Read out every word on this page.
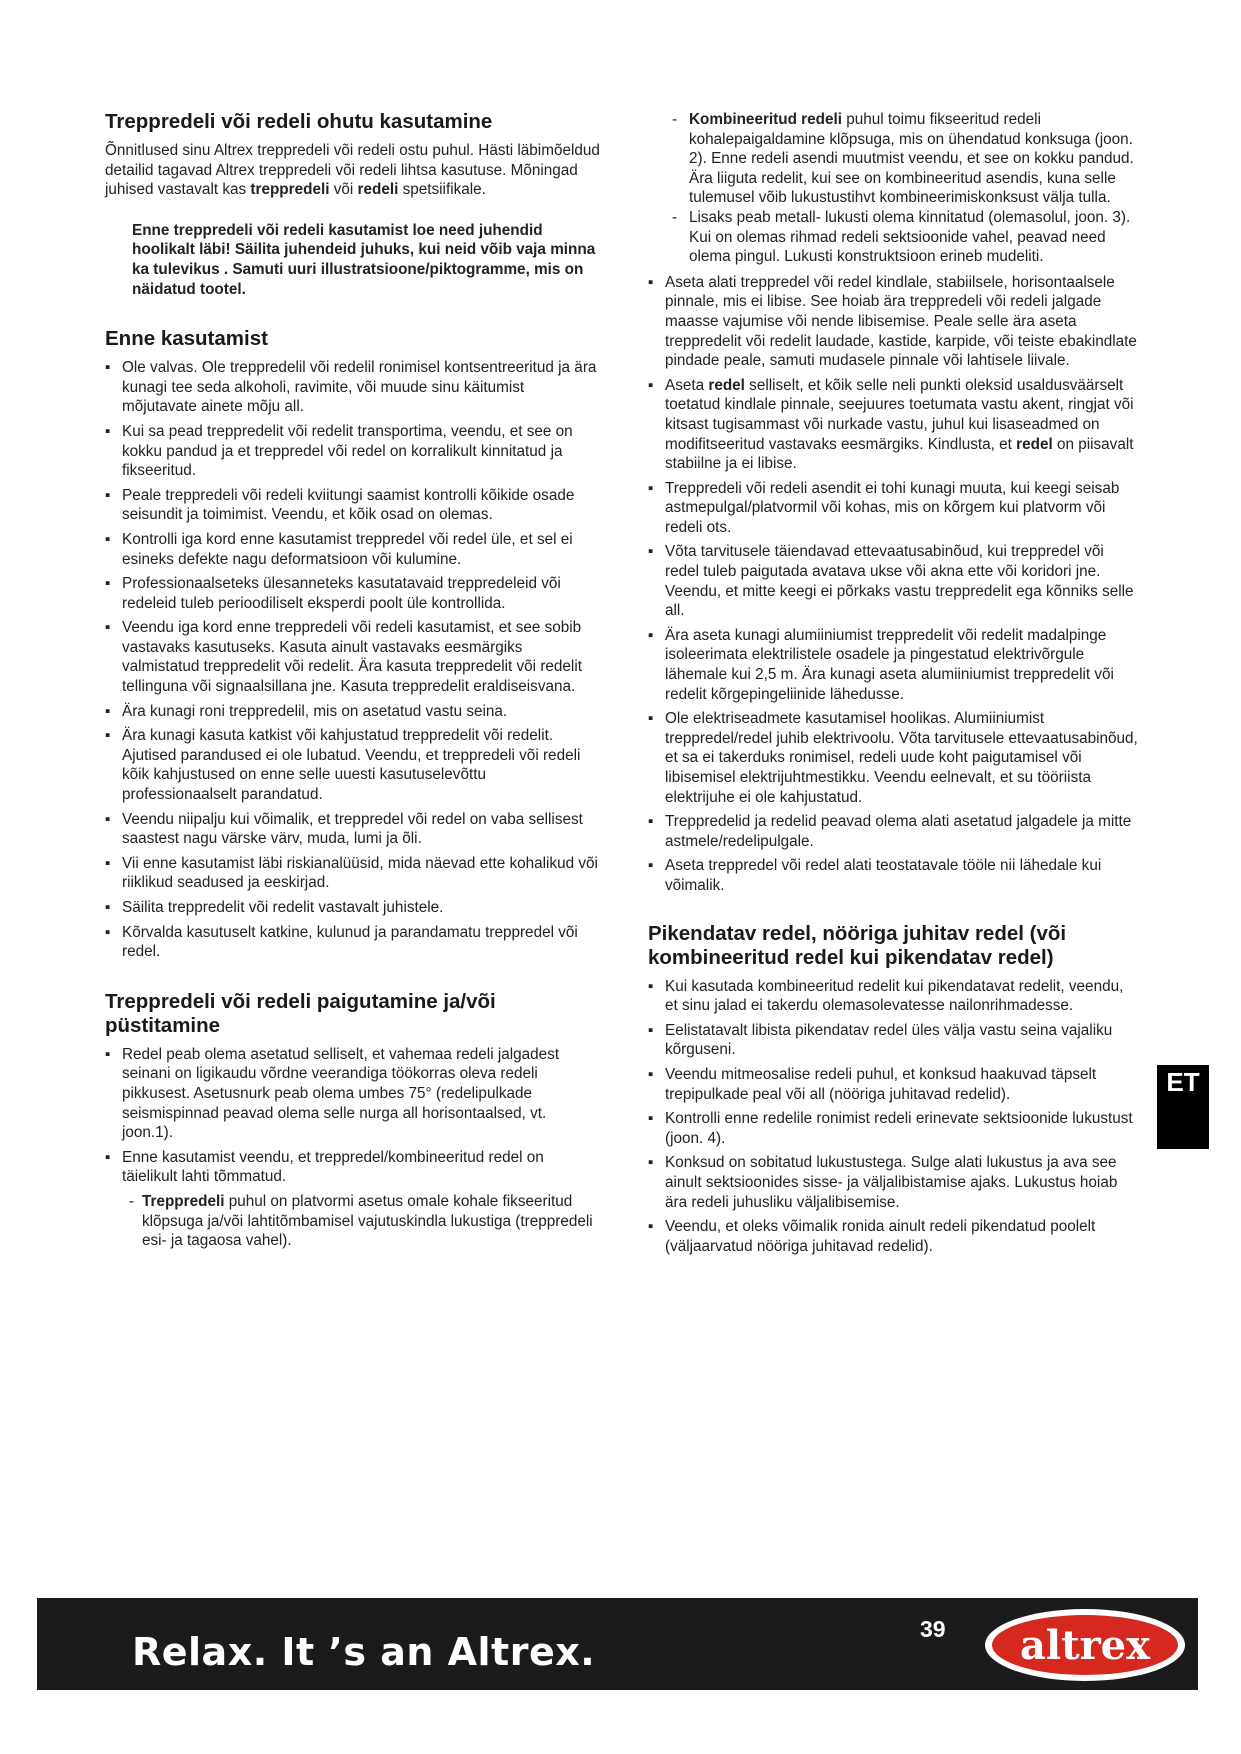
Treppredeli või redeli ohutu kasutamine

Õnnitlused sinu Altrex treppredeli või redeli ostu puhul. Hästi läbimõeldud detailid tagavad Altrex treppredeli või redeli lihtsa kasutuse. Mõningad juhised vastavalt kas treppredeli või redeli spetsiifikale.

Enne treppredeli või redeli kasutamist loe need juhendid hoolikalt läbi! Säilita juhendeid juhuks, kui neid võib vaja minna ka tulevikus . Samuti uuri illustratsioone/piktogramme, mis on näidatud tootel.

Enne kasutamist
▪ Ole valvas. Ole treppredelil või redelil ronimisel kontsentreeritud ja ära kunagi tee seda alkoholi, ravimite, või muude sinu käitumist mõjutavate ainete mõju all.
▪ Kui sa pead treppredelit või redelit transportima, veendu, et see on kokku pandud ja et treppredel või redel on korralikult kinnitatud ja fikseeritud.
▪ Peale treppredeli või redeli kviitungi saamist kontrolli kõikide osade seisundit ja toimimist. Veendu, et kõik osad on olemas.
▪ Kontrolli iga kord enne kasutamist treppredel või redel üle, et sel ei esineks defekte nagu deformatsioon või kulumine.
▪ Professionaalseteks ülesanneteks kasutatavaid treppredeleid või redeleid tuleb perioodiliselt eksperdi poolt üle kontrollida.
▪ Veendu iga kord enne treppredeli või redeli kasutamist, et see sobib vastavaks kasutuseks. Kasuta ainult vastavaks eesmärgiks valmistatud treppredelit või redelit. Ära kasuta treppredelit või redelit tellinguna või signaalsillana jne. Kasuta treppredelit eraldiseisvana.
▪ Ära kunagi roni treppredelil, mis on asetatud vastu seina.
▪ Ära kunagi kasuta katkist või kahjustatud treppredelit või redelit. Ajutised parandused ei ole lubatud. Veendu, et treppredeli või redeli kõik kahjustused on enne selle uuesti kasutuselevõttu professionaalselt parandatud.
▪ Veendu niipalju kui võimalik, et treppredel või redel on vaba sellisest saastest nagu värske värv, muda, lumi ja õli.
▪ Vii enne kasutamist läbi riskianalüüsid, mida näevad ette kohalikud või riiklikud seadused ja eeskirjad.
▪ Säilita treppredelit või redelit vastavalt juhistele.
▪ Kõrvalda kasutuselt katkine, kulunud ja parandamatu treppredel või redel.
Treppredeli või redeli paigutamine ja/või püstitamine
▪ Redel peab olema asetatud selliselt, et vahemaa redeli jalgadest seinani on ligikaudu võrdne veerandiga töökorras oleva redeli pikkusest. Asetusnurk peab olema umbes 75° (redelipulkade seismispinnad peavad olema selle nurga all horisontaalsed, vt. joon.1).
▪ Enne kasutamist veendu, et treppredel/kombineeritud redel on täielikult lahti tõmmatud.
- Treppredeli puhul on platvormi asetus omale kohale fikseeritud klõpsuga ja/või lahtitõmbamisel vajutuskindla lukustiga (treppredeli esi- ja tagaosa vahel).
- Kombineeritud redeli puhul toimu fikseeritud redeli kohalepaigaldamine klõpsuga, mis on ühendatud konksuga (joon. 2). Enne redeli asendi muutmist veendu, et see on kokku pandud. Ära liiguta redelit, kui see on kombineeritud asendis, kuna selle tulemusel võib lukustustihvt kombineerimiskonksust välja tulla.
- Lisaks peab metall- lukusti olema kinnitatud (olemasolul, joon. 3). Kui on olemas rihmad redeli sektsioonide vahel, peavad need olema pingul. Lukusti konstruktsioon erineb mudeliti.
▪ Aseta alati treppredel või redel kindlale, stabiilsele, horisontaalsele pinnale, mis ei libise. See hoiab ära treppredeli või redeli jalgade maasse vajumise või nende libisemise. Peale selle ära aseta treppredelit või redelit laudade, kastide, karpide, või teiste ebakindlate pindade peale, samuti mudasele pinnale või lahtisele liivale.
▪ Aseta redel selliselt, et kõik selle neli punkti oleksid usaldusväärselt toetatud kindlale pinnale, seejuures toetumata vastu akent, ringjat või kitsast tugisammast või nurkade vastu, juhul kui lisaseadmed on modifitseeritud vastavaks eesmärgiks. Kindlusta, et redel on piisavalt stabiilne ja ei libise.
▪ Treppredeli või redeli asendit ei tohi kunagi muuta, kui keegi seisab astmepulgal/platvormil või kohas, mis on kõrgem kui platvorm või redeli ots.
▪ Võta tarvitusele täiendavad ettevaatusabinõud, kui treppredel või redel tuleb paigutada avatava ukse või akna ette või koridori jne. Veendu, et mitte keegi ei põrkaks vastu treppredelit ega kõnniks selle all.
▪ Ära aseta kunagi alumiiniumist treppredelit või redelit madalpinge isoleerimata elektrilistele osadele ja pingestatud elektrivõrgule lähemale kui 2,5 m. Ära kunagi aseta alumiiniumist treppredelit või redelit kõrgepingeliinide lähedusse.
▪ Ole elektriseadmete kasutamisel hoolikas. Alumiiniumist treppredel/redel juhib elektrivoolu. Võta tarvitusele ettevaatusabinõud, et sa ei takerduks ronimisel, redeli uude koht paigutamisel või libisemisel elektrijuhtmestikku. Veendu eelnevalt, et su tööriista elektrijuhe ei ole kahjustatud.
▪ Treppredelid ja redelid peavad olema alati asetatud jalgadele ja mitte astmele/redelipulgale.
▪ Aseta treppredel või redel alati teostatavale tööle nii lähedale kui võimalik.
Pikendatav redel, nööriga juhitav redel (või kombineeritud redel kui pikendatav redel)
▪ Kui kasutada kombineeritud redelit kui pikendatavat redelit, veendu, et sinu jalad ei takerdu olemasolevatesse nailonrihmadesse.
▪ Eelistatavalt libista pikendatav redel üles välja vastu seina vajaliku kõrguseni.
▪ Veendu mitmeosalise redeli puhul, et konksud haakuvad täpselt trepipulkade peal või all (nööriga juhitavad redelid).
▪ Kontrolli enne redelile ronimist redeli erinevate sektsioonide lukustust (joon. 4).
▪ Konksud on sobitatud lukustustega. Sulge alati lukustus ja ava see ainult sektsioonides sisse- ja väljalibistamise ajaks. Lukustus hoiab ära redeli juhusliku väljalibisemise.
▪ Veendu, et oleks võimalik ronida ainult redeli pikendatud poolelt (väljaarvatud nööriga juhitavad redelid).
ET
Relax. It ’s an Altrex.
39 altrex
